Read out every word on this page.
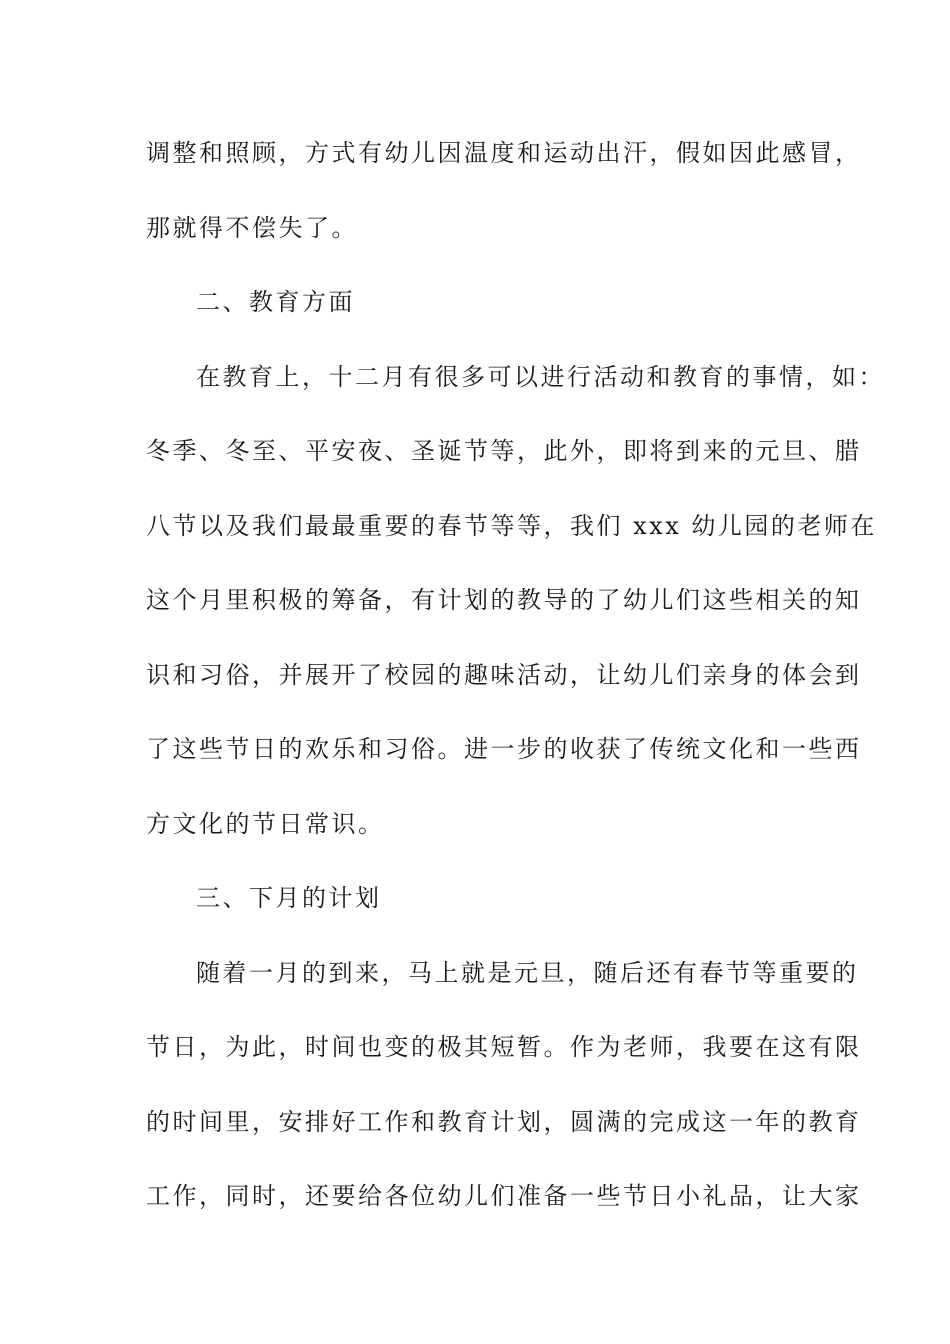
调整和照顾，方式有幼儿因温度和运动出汗，假如因此感冒，
那就得不偿失了。
二、教育方面
在教育上，十二月有很多可以进行活动和教育的事情，如：
冬季、冬至、平安夜、圣诞节等，此外，即将到来的元旦、腊
八节以及我们最最重要的春节等等，我们 xxx 幼儿园的老师在
这个月里积极的筹备，有计划的教导的了幼儿们这些相关的知
识和习俗，并展开了校园的趣味活动，让幼儿们亲身的体会到
了这些节日的欢乐和习俗。进一步的收获了传统文化和一些西
方文化的节日常识。
三、下月的计划
随着一月的到来，马上就是元旦，随后还有春节等重要的
节日，为此，时间也变的极其短暂。作为老师，我要在这有限
的时间里，安排好工作和教育计划，圆满的完成这一年的教育
工作，同时，还要给各位幼儿们准备一些节日小礼品，让大家
